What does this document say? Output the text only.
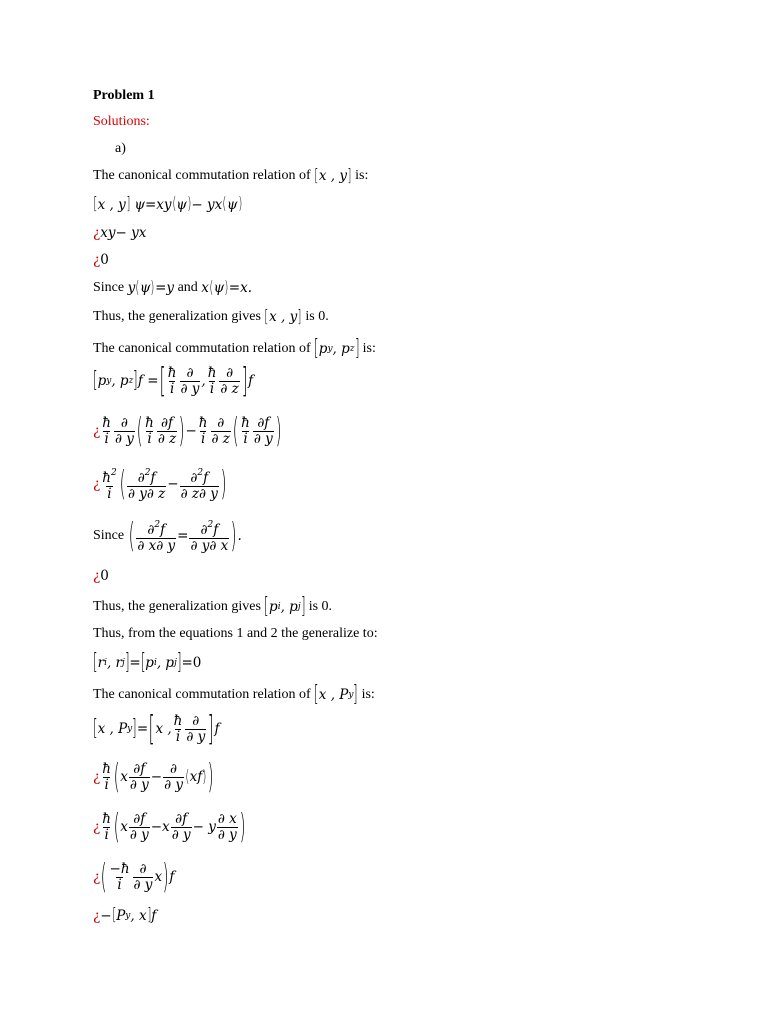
Problem 1
Solutions:
a)
The canonical commutation relation of [ x , y ] is:
[ x , y ] ψ=xy ( ψ ) − yx ( ψ )
¿xy− yx
¿0
Since y ( ψ ) =y and x ( ψ ) =x.
Thus, the generalization gives [ x , y ] is 0.
The canonical commutation relation of [ p y , p z ] is:
[ p y , p z ] f = [ $\frac{ħ}{i} \frac{\partial}{\partial y}$ , $\frac{ħ}{i} \frac{\partial}{\partial z}$ ] f
¿ $\frac{ħ}{i} \frac{\partial}{\partial y}$ ( $\frac{ħ}{i} \frac{\partial f}{\partial z}$ ) − $\frac{ħ}{i} \frac{\partial}{\partial z}$ ( $\frac{ħ}{i} \frac{\partial f}{\partial y}$ )
¿ $\frac{ħ^2}{i}$ ( $\frac{\partial^2f}{\partial y\partial z} - \frac{\partial^2f}{\partial z\partial y}$ )
Since ( $\frac{\partial^2f}{\partial x\partial y} = \frac{\partial^2f}{\partial y\partial x}$ ) .
¿0
Thus, the generalization gives [ p i , p j ] is 0.
Thus, from the equations 1 and 2 the generalize to:
[ r i , r j ] = [ p i , p j ] = 0
The canonical commutation relation of [ x , P y ] is:
[ x , P y ] = [ x , $\frac{ħ}{i} \frac{\partial}{\partial y}$ ] f
¿ $\frac{ħ}{i}$ ( x $\frac{\partial f}{\partial y} - \frac{\partial}{\partial y}$ ( xf ) )
¿ $\frac{ħ}{i}$ ( x $\frac{\partial f}{\partial y} -x \frac{\partial f}{\partial y} - y \frac{\partial x}{\partial y}$ )
¿ ( $\frac{-ħ}{i} \frac{\partial}{\partial y}$ x ) f
¿ − [ P y , x ] f
